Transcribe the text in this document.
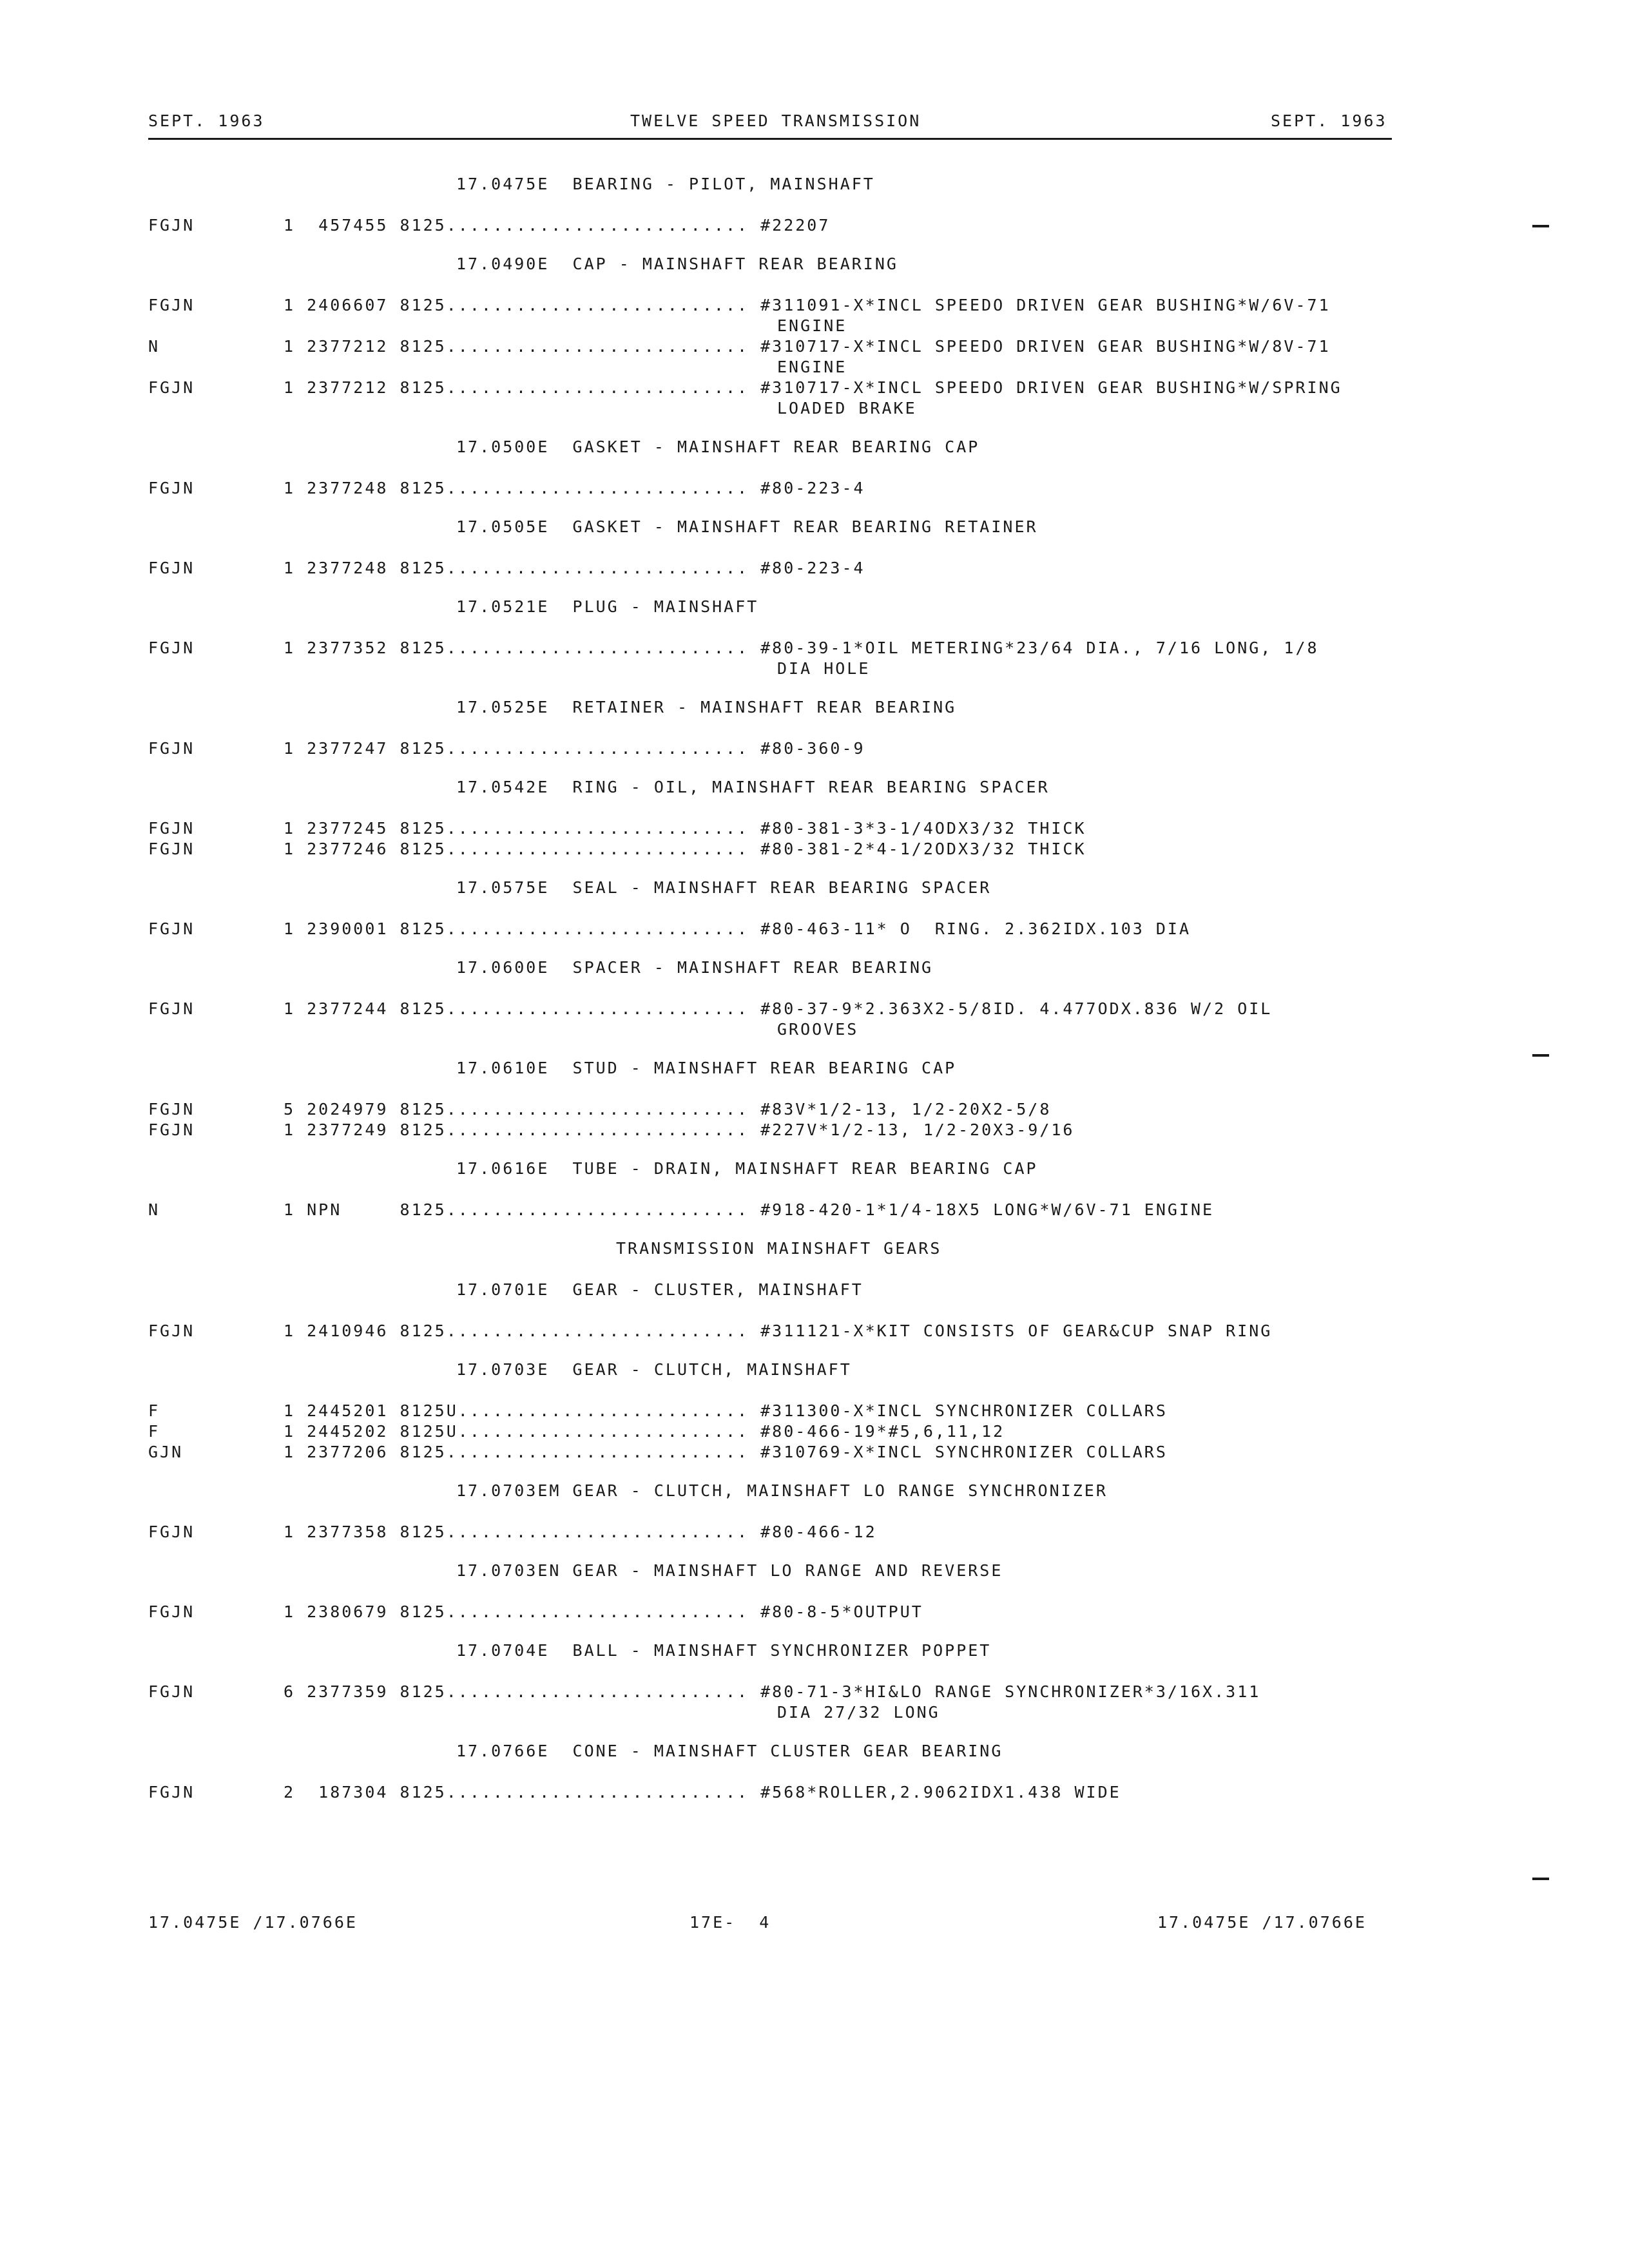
SEPT. 1963	TWELVE SPEED TRANSMISSION	SEPT. 1963
17.0475E  BEARING - PILOT, MAINSHAFT
FGJN	1  457455 8125.......................... #22207
17.0490E  CAP - MAINSHAFT REAR BEARING
FGJN	1 2406607 8125.......................... #311091-X*INCL SPEEDO DRIVEN GEAR BUSHING*W/6V-71
ENGINE
N	1 2377212 8125.......................... #310717-X*INCL SPEEDO DRIVEN GEAR BUSHING*W/8V-71
ENGINE
FGJN	1 2377212 8125.......................... #310717-X*INCL SPEEDO DRIVEN GEAR BUSHING*W/SPRING
LOADED BRAKE
17.0500E  GASKET - MAINSHAFT REAR BEARING CAP
FGJN	1 2377248 8125.......................... #80-223-4
17.0505E  GASKET - MAINSHAFT REAR BEARING RETAINER
FGJN	1 2377248 8125.......................... #80-223-4
17.0521E  PLUG - MAINSHAFT
FGJN	1 2377352 8125.......................... #80-39-1*OIL METERING*23/64 DIA., 7/16 LONG, 1/8
DIA HOLE
17.0525E  RETAINER - MAINSHAFT REAR BEARING
FGJN	1 2377247 8125.......................... #80-360-9
17.0542E  RING - OIL, MAINSHAFT REAR BEARING SPACER
FGJN	1 2377245 8125.......................... #80-381-3*3-1/4ODX3/32 THICK
FGJN	1 2377246 8125.......................... #80-381-2*4-1/2ODX3/32 THICK
17.0575E  SEAL - MAINSHAFT REAR BEARING SPACER
FGJN	1 2390001 8125.......................... #80-463-11* O  RING. 2.362IDX.103 DIA
17.0600E  SPACER - MAINSHAFT REAR BEARING
FGJN	1 2377244 8125.......................... #80-37-9*2.363X2-5/8ID. 4.477ODX.836 W/2 OIL
GROOVES
17.0610E  STUD - MAINSHAFT REAR BEARING CAP
FGJN	5 2024979 8125.......................... #83V*1/2-13, 1/2-20X2-5/8
FGJN	1 2377249 8125.......................... #227V*1/2-13, 1/2-20X3-9/16
17.0616E  TUBE - DRAIN, MAINSHAFT REAR BEARING CAP
N	1 NPN     8125.......................... #918-420-1*1/4-18X5 LONG*W/6V-71 ENGINE
TRANSMISSION MAINSHAFT GEARS
17.0701E  GEAR - CLUSTER, MAINSHAFT
FGJN	1 2410946 8125.......................... #311121-X*KIT CONSISTS OF GEAR&CUP SNAP RING
17.0703E  GEAR - CLUTCH, MAINSHAFT
F	1 2445201 8125U......................... #311300-X*INCL SYNCHRONIZER COLLARS
F	1 2445202 8125U......................... #80-466-19*#5,6,11,12
GJN	1 2377206 8125.......................... #310769-X*INCL SYNCHRONIZER COLLARS
17.0703EM GEAR - CLUTCH, MAINSHAFT LO RANGE SYNCHRONIZER
FGJN	1 2377358 8125.......................... #80-466-12
17.0703EN GEAR - MAINSHAFT LO RANGE AND REVERSE
FGJN	1 2380679 8125.......................... #80-8-5*OUTPUT
17.0704E  BALL - MAINSHAFT SYNCHRONIZER POPPET
FGJN	6 2377359 8125.......................... #80-71-3*HI&LO RANGE SYNCHRONIZER*3/16X.311
DIA 27/32 LONG
17.0766E  CONE - MAINSHAFT CLUSTER GEAR BEARING
FGJN	2  187304 8125.......................... #568*ROLLER,2.9062IDX1.438 WIDE
17.0475E /17.0766E	17E-  4	17.0475E /17.0766E
